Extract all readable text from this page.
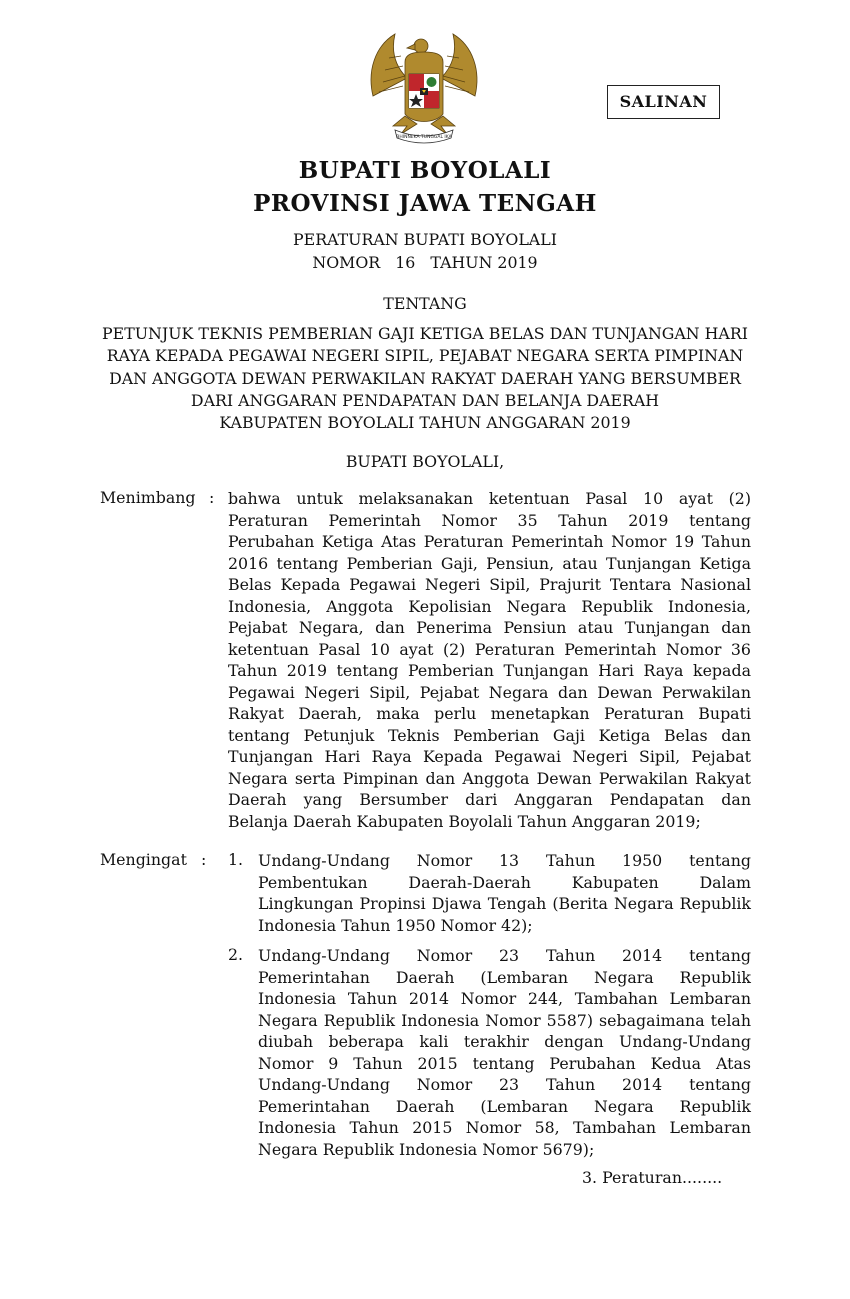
BHINNEKA TUNGGAL IKA
SALINAN
BUPATI BOYOLALI
PROVINSI JAWA TENGAH
PERATURAN BUPATI BOYOLALI
NOMOR   16   TAHUN 2019
TENTANG
PETUNJUK TEKNIS PEMBERIAN GAJI KETIGA BELAS DAN TUNJANGAN HARI
RAYA KEPADA PEGAWAI NEGERI SIPIL, PEJABAT NEGARA SERTA PIMPINAN
DAN ANGGOTA DEWAN PERWAKILAN RAKYAT DAERAH YANG BERSUMBER
DARI ANGGARAN PENDAPATAN DAN BELANJA DAERAH
KABUPATEN BOYOLALI TAHUN ANGGARAN 2019
BUPATI BOYOLALI,
Menimbang : bahwa untuk melaksanakan ketentuan Pasal 10 ayat (2)
Peraturan Pemerintah Nomor 35 Tahun 2019 tentang
Perubahan Ketiga Atas Peraturan Pemerintah Nomor 19 Tahun
2016 tentang Pemberian Gaji, Pensiun, atau Tunjangan Ketiga
Belas Kepada Pegawai Negeri Sipil, Prajurit Tentara Nasional
Indonesia, Anggota Kepolisian Negara Republik Indonesia,
Pejabat Negara, dan Penerima Pensiun atau Tunjangan dan
ketentuan Pasal 10 ayat (2) Peraturan Pemerintah Nomor 36
Tahun 2019 tentang Pemberian Tunjangan Hari Raya kepada
Pegawai Negeri Sipil, Pejabat Negara dan Dewan Perwakilan
Rakyat Daerah, maka perlu menetapkan Peraturan Bupati
tentang Petunjuk Teknis Pemberian Gaji Ketiga Belas dan
Tunjangan Hari Raya Kepada Pegawai Negeri Sipil, Pejabat
Negara serta Pimpinan dan Anggota Dewan Perwakilan Rakyat
Daerah yang Bersumber dari Anggaran Pendapatan dan
Belanja Daerah Kabupaten Boyolali Tahun Anggaran 2019;
Mengingat : 1. Undang-Undang Nomor 13 Tahun 1950 tentang
Pembentukan Daerah-Daerah Kabupaten Dalam
Lingkungan Propinsi Djawa Tengah (Berita Negara Republik
Indonesia Tahun 1950 Nomor 42);
2. Undang-Undang Nomor 23 Tahun 2014 tentang
Pemerintahan Daerah (Lembaran Negara Republik
Indonesia Tahun 2014 Nomor 244, Tambahan Lembaran
Negara Republik Indonesia Nomor 5587) sebagaimana telah
diubah beberapa kali terakhir dengan Undang-Undang
Nomor 9 Tahun 2015 tentang Perubahan Kedua Atas
Undang-Undang Nomor 23 Tahun 2014 tentang
Pemerintahan Daerah (Lembaran Negara Republik
Indonesia Tahun 2015 Nomor 58, Tambahan Lembaran
Negara Republik Indonesia Nomor 5679);
3. Peraturan........
